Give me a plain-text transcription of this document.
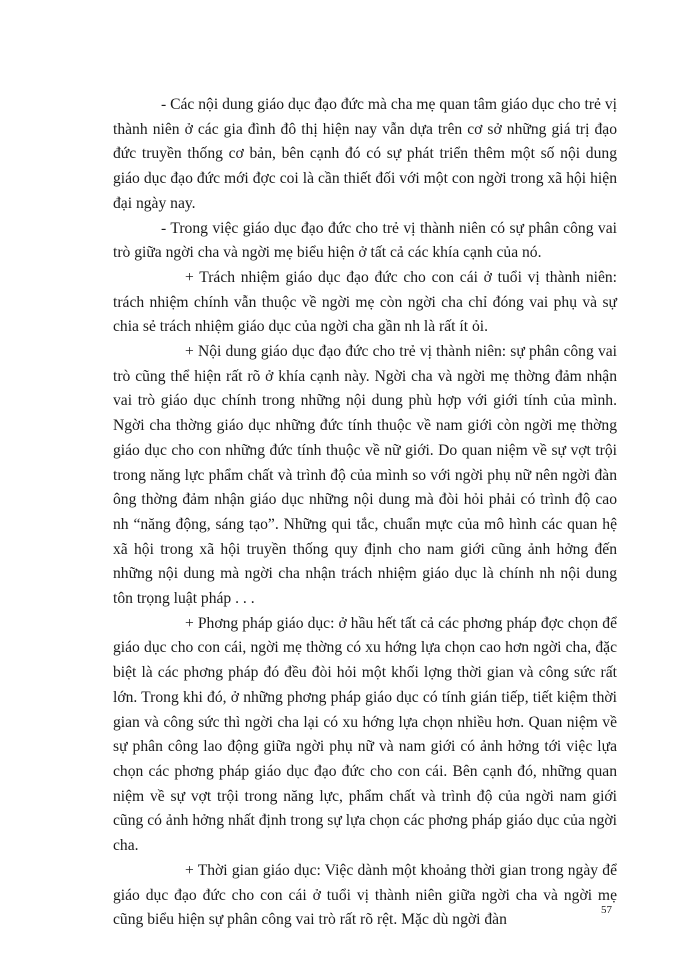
- Các nội dung giáo dục đạo đức mà cha mẹ quan tâm giáo dục cho trẻ vị thành niên ở các gia đình đô thị hiện nay vẫn dựa trên cơ sở những giá trị đạo đức truyền thống cơ bản, bên cạnh đó có sự phát triển thêm một số nội dung giáo dục đạo đức mới đợc coi là cần thiết đối với một con ngời trong xã hội hiện đại ngày nay.

- Trong việc giáo dục đạo đức cho trẻ vị thành niên có sự phân công vai trò giữa ngời cha và ngời mẹ biểu hiện ở tất cả các khía cạnh của nó.

+ Trách nhiệm giáo dục đạo đức cho con cái ở tuổi vị thành niên: trách nhiệm chính vẫn thuộc về ngời mẹ còn ngời cha chỉ đóng vai phụ và sự chia sẻ trách nhiệm giáo dục của ngời cha gần nh là rất ít ỏi.

+ Nội dung giáo dục đạo đức cho trẻ vị thành niên: sự phân công vai trò cũng thể hiện rất rõ ở khía cạnh này. Ngời cha và ngời mẹ thờng đảm nhận vai trò giáo dục chính trong những nội dung phù hợp với giới tính của mình. Ngời cha thờng giáo dục những đức tính thuộc về nam giới còn ngời mẹ thờng giáo dục cho con những đức tính thuộc về nữ giới. Do quan niệm về sự vợt trội trong năng lực phẩm chất và trình độ của mình so với ngời phụ nữ nên ngời đàn ông thờng đảm nhận giáo dục những nội dung mà đòi hỏi phải có trình độ cao nh “năng động, sáng tạo”. Những qui tắc, chuẩn mực của mô hình các quan hệ xã hội trong xã hội truyền thống quy định cho nam giới cũng ảnh hởng đến những nội dung mà ngời cha nhận trách nhiệm giáo dục là chính nh nội dung tôn trọng luật pháp . . .

+ Phơng pháp giáo dục: ở hầu hết tất cả các phơng pháp đợc chọn để giáo dục cho con cái, ngời mẹ thờng có xu hớng lựa chọn cao hơn ngời cha, đặc biệt là các phơng pháp đó đều đòi hỏi một khối lợng thời gian và công sức rất lớn. Trong khi đó, ở những phơng pháp giáo dục có tính gián tiếp, tiết kiệm thời gian và công sức thì ngời cha lại có xu hớng lựa chọn nhiều hơn. Quan niệm về sự phân công lao động giữa ngời phụ nữ và nam giới có ảnh hởng tới việc lựa chọn các phơng pháp giáo dục đạo đức cho con cái. Bên cạnh đó, những quan niệm về sự vợt trội trong năng lực, phẩm chất và trình độ của ngời nam giới cũng có ảnh hởng nhất định trong sự lựa chọn các phơng pháp giáo dục của ngời cha.

+ Thời gian giáo dục: Việc dành một khoảng thời gian trong ngày để giáo dục đạo đức cho con cái ở tuổi vị thành niên giữa ngời cha và ngời mẹ cũng biểu hiện sự phân công vai trò rất rõ rệt. Mặc dù ngời đàn

57
